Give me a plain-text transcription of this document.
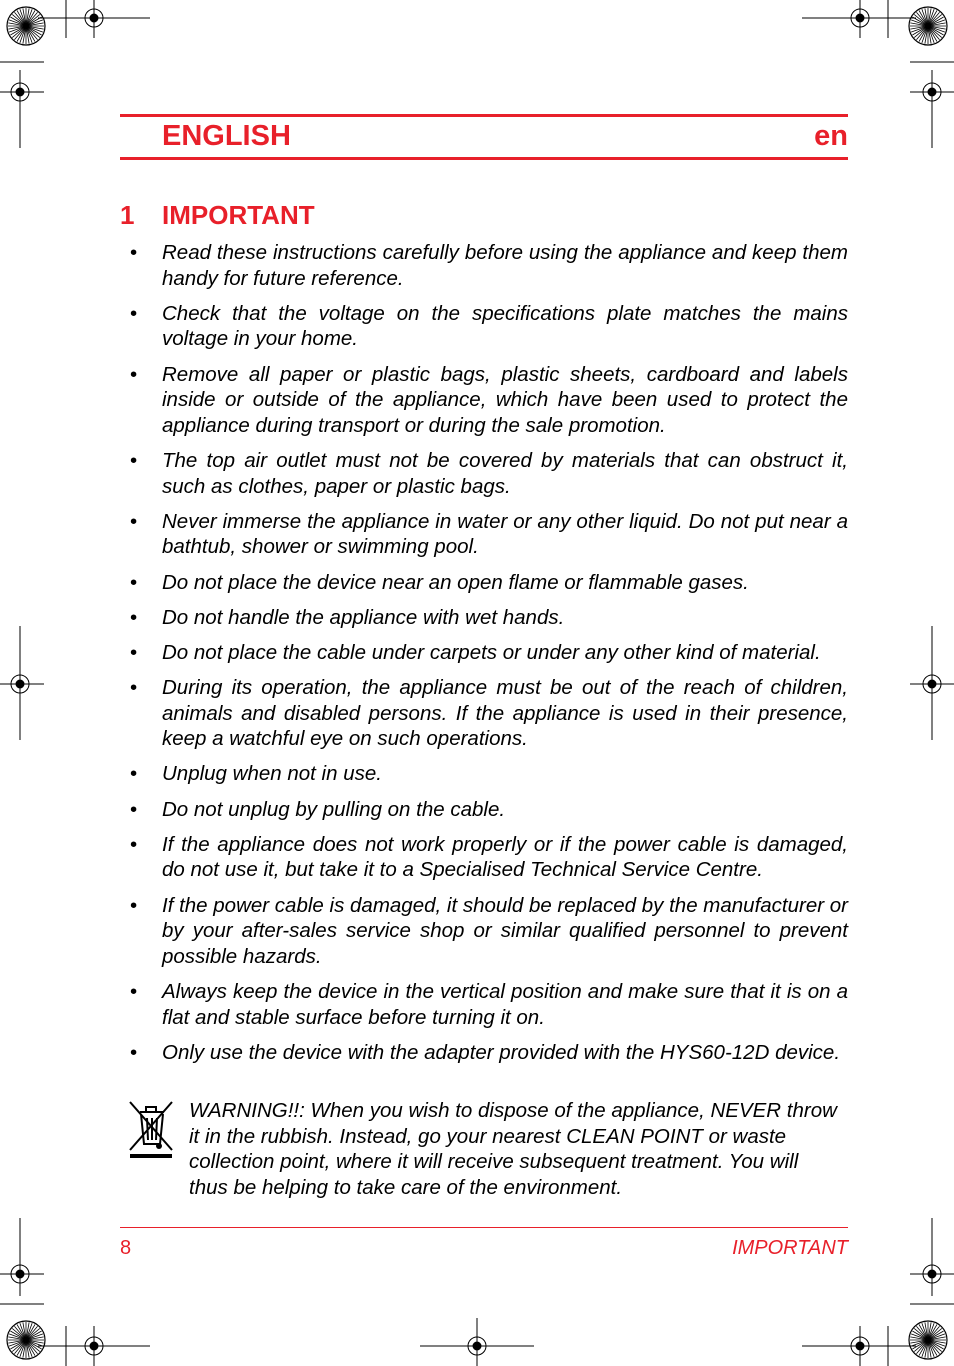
ENGLISH	en
1 IMPORTANT
• Read these instructions carefully before using the appliance and keep them handy for future reference.
• Check that the voltage on the specifications plate matches the mains voltage in your home.
• Remove all paper or plastic bags, plastic sheets, cardboard and labels inside or outside of the appliance, which have been used to protect the appliance during transport or during the sale promotion.
• The top air outlet must not be covered by materials that can obstruct it, such as clothes, paper or plastic bags.
• Never immerse the appliance in water or any other liquid. Do not put near a bathtub, shower or swimming pool.
• Do not place the device near an open flame or flammable gases.
• Do not handle the appliance with wet hands.
• Do not place the cable under carpets or under any other kind of material.
• During its operation, the appliance must be out of the reach of children, animals and disabled persons. If the appliance is used in their presence, keep a watchful eye on such operations.
• Unplug when not in use.
• Do not unplug by pulling on the cable.
• If the appliance does not work properly or if the power cable is damaged, do not use it, but take it to a Specialised Technical Service Centre.
• If the power cable is damaged, it should be replaced by the manufacturer or by your after-sales service shop or similar qualified personnel to prevent possible hazards.
• Always keep the device in the vertical position and make sure that it is on a flat and stable surface before turning it on.
• Only use the device with the adapter provided with the HYS60-12D device.
WARNING!!: When you wish to dispose of the appliance, NEVER throw it in the rubbish. Instead, go your nearest CLEAN POINT or waste collection point, where it will receive subsequent treatment. You will thus be helping to take care of the environment.
8	IMPORTANT
